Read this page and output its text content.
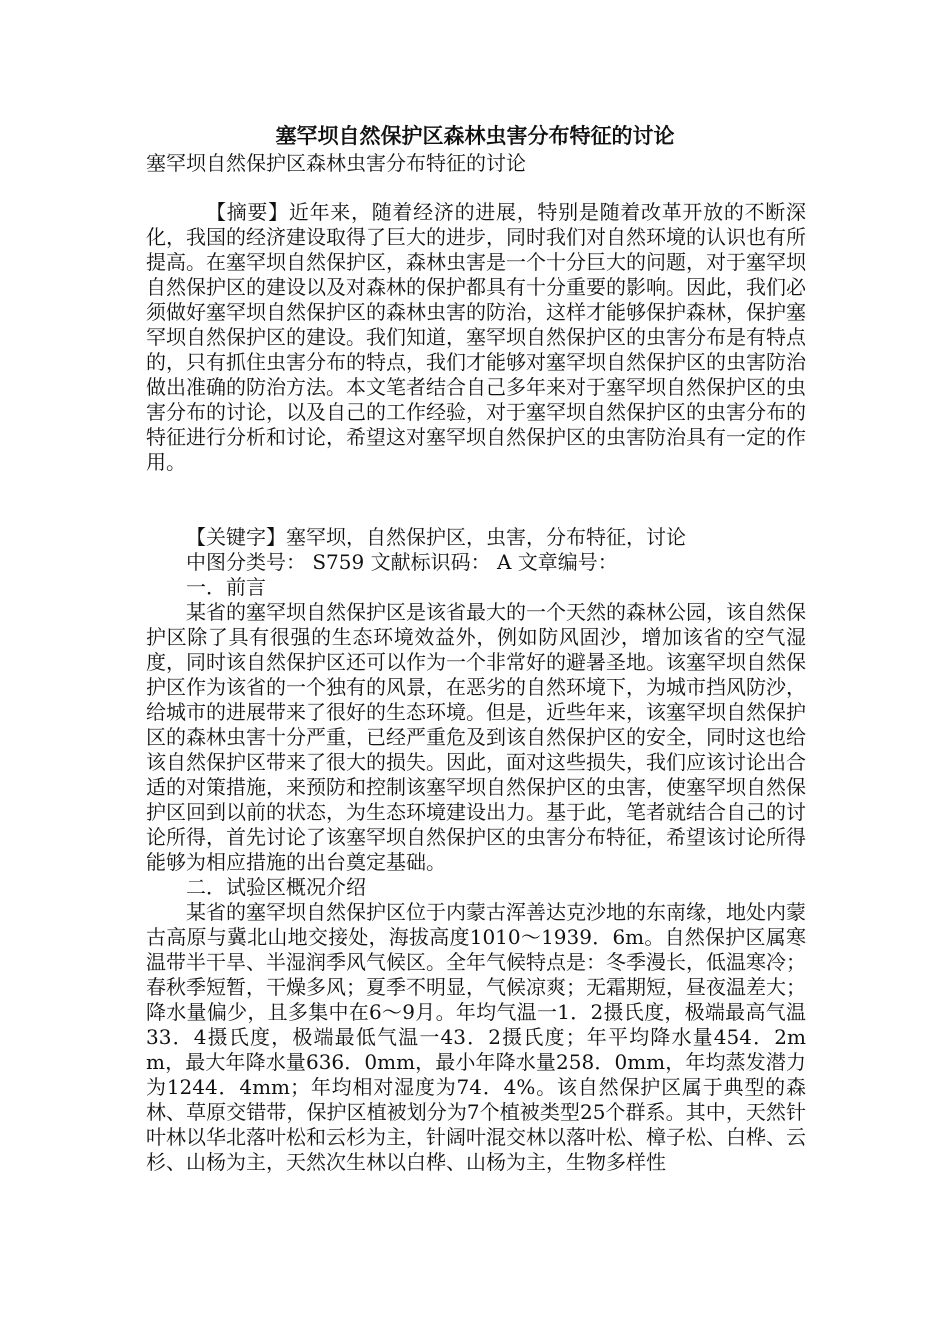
塞罕坝自然保护区森林虫害分布特征的讨论

塞罕坝自然保护区森林虫害分布特征的讨论

【摘要】近年来，随着经济的进展，特别是随着改革开放的不断深化，我国的经济建设取得了巨大的进步，同时我们对自然环境的认识也有所提高。在塞罕坝自然保护区，森林虫害是一个十分巨大的问题，对于塞罕坝自然保护区的建设以及对森林的保护都具有十分重要的影响。因此，我们必须做好塞罕坝自然保护区的森林虫害的防治，这样才能够保护森林，保护塞罕坝自然保护区的建设。我们知道，塞罕坝自然保护区的虫害分布是有特点的，只有抓住虫害分布的特点，我们才能够对塞罕坝自然保护区的虫害防治做出准确的防治方法。本文笔者结合自己多年来对于塞罕坝自然保护区的虫害分布的讨论，以及自己的工作经验，对于塞罕坝自然保护区的虫害分布的特征进行分析和讨论，希望这对塞罕坝自然保护区的虫害防治具有一定的作用。

【关键字】塞罕坝，自然保护区，虫害，分布特征，讨论
中图分类号： S759 文献标识码： A 文章编号：
一．前言
某省的塞罕坝自然保护区是该省最大的一个天然的森林公园，该自然保护区除了具有很强的生态环境效益外，例如防风固沙，增加该省的空气湿度，同时该自然保护区还可以作为一个非常好的避暑圣地。该塞罕坝自然保护区作为该省的一个独有的风景，在恶劣的自然环境下，为城市挡风防沙，给城市的进展带来了很好的生态环境。但是，近些年来，该塞罕坝自然保护区的森林虫害十分严重，已经严重危及到该自然保护区的安全，同时这也给该自然保护区带来了很大的损失。因此，面对这些损失，我们应该讨论出合适的对策措施，来预防和控制该塞罕坝自然保护区的虫害，使塞罕坝自然保护区回到以前的状态，为生态环境建设出力。基于此，笔者就结合自己的讨论所得，首先讨论了该塞罕坝自然保护区的虫害分布特征，希望该讨论所得能够为相应措施的出台奠定基础。
二．试验区概况介绍
某省的塞罕坝自然保护区位于内蒙古浑善达克沙地的东南缘，地处内蒙古高原与冀北山地交接处，海拔高度1010～1939．6m。自然保护区属寒温带半干旱、半湿润季风气候区。全年气候特点是：冬季漫长，低温寒冷；春秋季短暂，干燥多风；夏季不明显，气候凉爽；无霜期短，昼夜温差大；降水量偏少，且多集中在6～9月。年均气温一1．2摄氏度，极端最高气温33．4摄氏度，极端最低气温一43．2摄氏度；年平均降水量454．2mm，最大年降水量636．0mm，最小年降水量258．0mm，年均蒸发潜力为1244．4mm；年均相对湿度为74．4%。该自然保护区属于典型的森林、草原交错带，保护区植被划分为7个植被类型25个群系。其中，天然针叶林以华北落叶松和云杉为主，针阔叶混交林以落叶松、樟子松、白桦、云杉、山杨为主，天然次生林以白桦、山杨为主，生物多样性
